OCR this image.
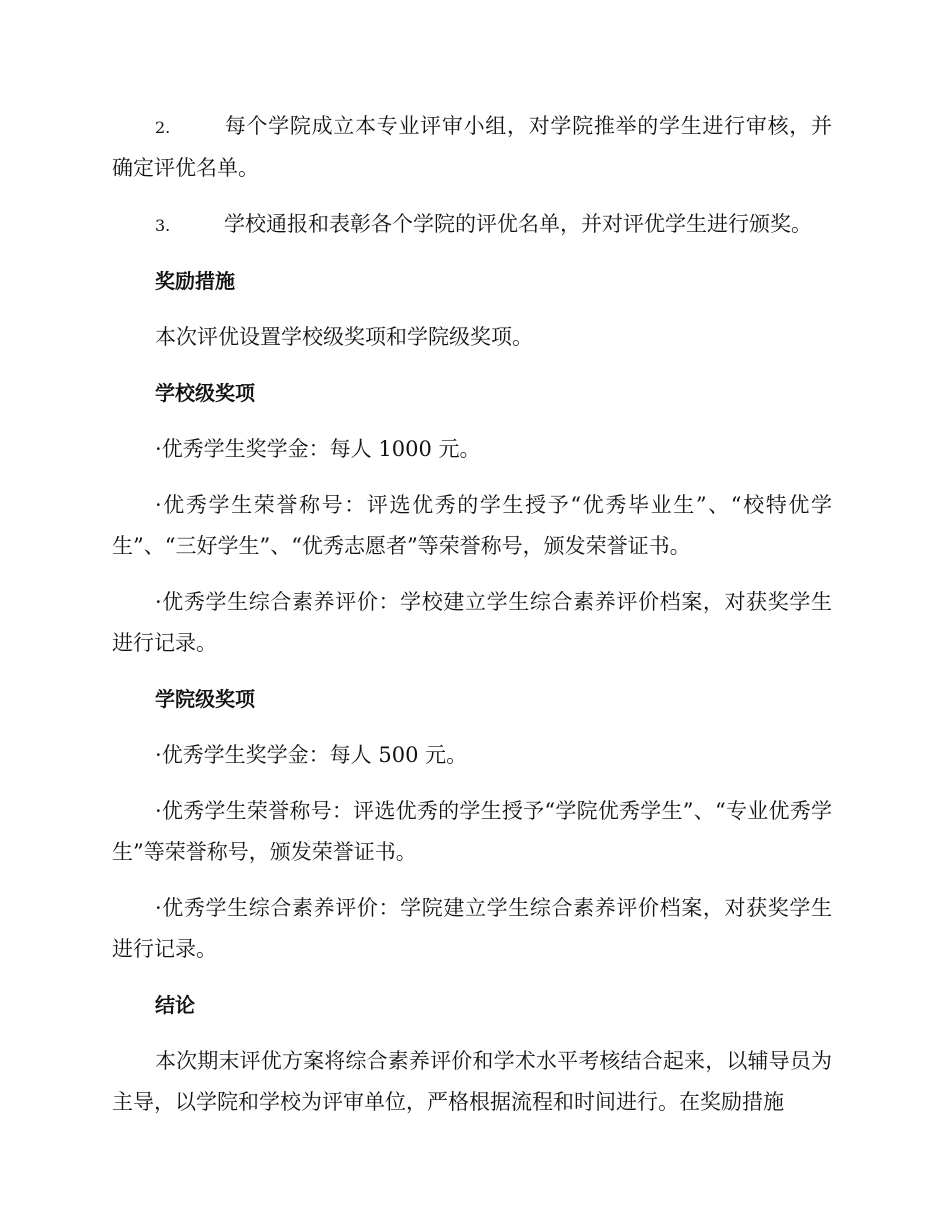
2.	每个学院成立本专业评审小组，对学院推举的学生进行审核，并确定评优名单。

3.	学校通报和表彰各个学院的评优名单，并对评优学生进行颁奖。

奖励措施

本次评优设置学校级奖项和学院级奖项。

学校级奖项

· 优秀学生奖学金：每人 1000 元。

· 优秀学生荣誉称号：评选优秀的学生授予“优秀毕业生”、“校特优学生”、“三好学生”、“优秀志愿者”等荣誉称号，颁发荣誉证书。

· 优秀学生综合素养评价：学校建立学生综合素养评价档案，对获奖学生进行记录。

学院级奖项

· 优秀学生奖学金：每人 500 元。

· 优秀学生荣誉称号：评选优秀的学生授予“学院优秀学生”、“专业优秀学生”等荣誉称号，颁发荣誉证书。

· 优秀学生综合素养评价：学院建立学生综合素养评价档案，对获奖学生进行记录。

结论

本次期末评优方案将综合素养评价和学术水平考核结合起来，以辅导员为主导，以学院和学校为评审单位，严格根据流程和时间进行。在奖励措施
